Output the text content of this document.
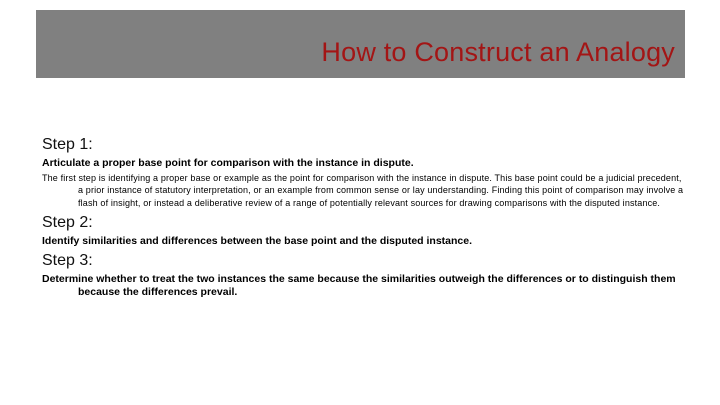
How to Construct an Analogy

Step 1:

Articulate a proper base point for comparison with the instance in dispute.

The first step is identifying a proper base or example as the point for comparison with the instance in dispute. This base point could be a judicial precedent, a prior instance of statutory interpretation, or an example from common sense or lay understanding. Finding this point of comparison may involve a flash of insight, or instead a deliberative review of a range of potentially relevant sources for drawing comparisons with the disputed instance.

Step 2:

Identify similarities and differences between the base point and the disputed instance.

Step 3:

Determine whether to treat the two instances the same because the similarities outweigh the differences or to distinguish them because the differences prevail.
